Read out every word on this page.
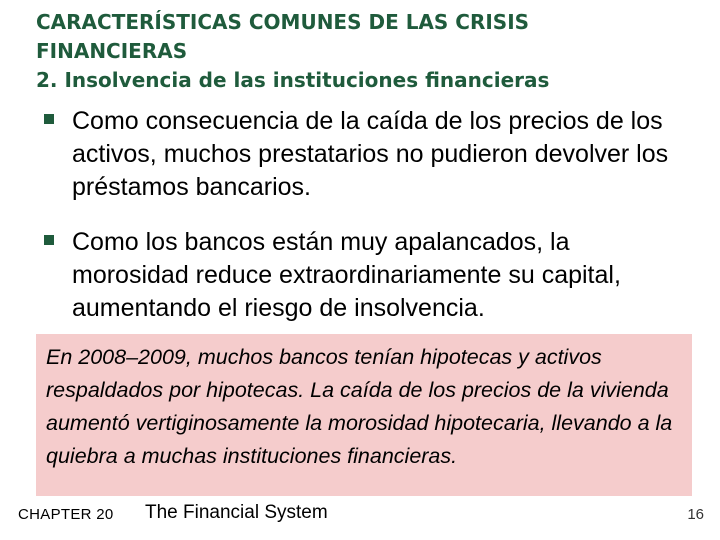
CARACTERÍSTICAS COMUNES DE LAS CRISIS
FINANCIERAS
2. Insolvencia de las instituciones financieras
Como consecuencia de la caída de los precios de los activos, muchos prestatarios no pudieron devolver los préstamos bancarios.
Como los bancos están muy apalancados, la morosidad reduce extraordinariamente su capital, aumentando el riesgo de insolvencia.
En 2008–2009, muchos bancos tenían hipotecas y activos respaldados por hipotecas. La caída de los precios de la vivienda aumentó vertiginosamente la morosidad hipotecaria, llevando a la quiebra a muchas instituciones financieras.
CHAPTER 20 The Financial System	16
